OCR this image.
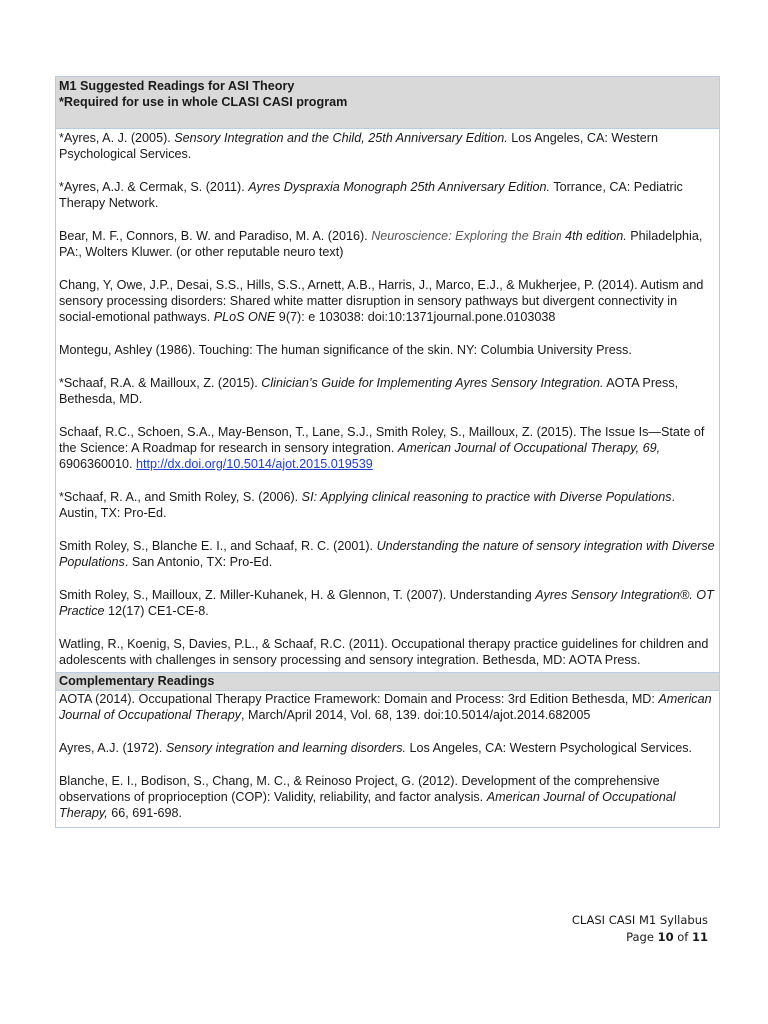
M1 Suggested Readings for ASI Theory
*Required for use in whole CLASI CASI program

*Ayres, A. J. (2005). Sensory Integration and the Child, 25th Anniversary Edition. Los Angeles, CA: Western Psychological Services.

*Ayres, A.J. & Cermak, S. (2011). Ayres Dyspraxia Monograph 25th Anniversary Edition. Torrance, CA: Pediatric Therapy Network.

Bear, M. F., Connors, B. W. and Paradiso, M. A. (2016). Neuroscience: Exploring the Brain 4th edition. Philadelphia, PA:, Wolters Kluwer. (or other reputable neuro text)

Chang, Y, Owe, J.P., Desai, S.S., Hills, S.S., Arnett, A.B., Harris, J., Marco, E.J., & Mukherjee, P. (2014). Autism and sensory processing disorders: Shared white matter disruption in sensory pathways but divergent connectivity in social-emotional pathways. PLoS ONE 9(7): e 103038: doi:10:1371journal.pone.0103038

Montegu, Ashley (1986). Touching: The human significance of the skin. NY: Columbia University Press.

*Schaaf, R.A. & Mailloux, Z. (2015). Clinician’s Guide for Implementing Ayres Sensory Integration. AOTA Press, Bethesda, MD.

Schaaf, R.C., Schoen, S.A., May-Benson, T., Lane, S.J., Smith Roley, S., Mailloux, Z. (2015). The Issue Is—State of the Science: A Roadmap for research in sensory integration. American Journal of Occupational Therapy, 69, 6906360010. http://dx.doi.org/10.5014/ajot.2015.019539

*Schaaf, R. A., and Smith Roley, S. (2006). SI: Applying clinical reasoning to practice with Diverse Populations. Austin, TX: Pro-Ed.

Smith Roley, S., Blanche E. I., and Schaaf, R. C. (2001). Understanding the nature of sensory integration with Diverse Populations. San Antonio, TX: Pro-Ed.

Smith Roley, S., Mailloux, Z. Miller-Kuhanek, H. & Glennon, T. (2007). Understanding Ayres Sensory Integration®. OT Practice 12(17) CE1-CE-8.

Watling, R., Koenig, S, Davies, P.L., & Schaaf, R.C. (2011). Occupational therapy practice guidelines for children and adolescents with challenges in sensory processing and sensory integration. Bethesda, MD: AOTA Press.

Complementary Readings

AOTA (2014). Occupational Therapy Practice Framework: Domain and Process: 3rd Edition Bethesda, MD: American Journal of Occupational Therapy, March/April 2014, Vol. 68, 139. doi:10.5014/ajot.2014.682005

Ayres, A.J. (1972). Sensory integration and learning disorders. Los Angeles, CA: Western Psychological Services.

Blanche, E. I., Bodison, S., Chang, M. C., & Reinoso Project, G. (2012). Development of the comprehensive observations of proprioception (COP): Validity, reliability, and factor analysis. American Journal of Occupational Therapy, 66, 691-698.

CLASI CASI M1 Syllabus
Page 10 of 11
